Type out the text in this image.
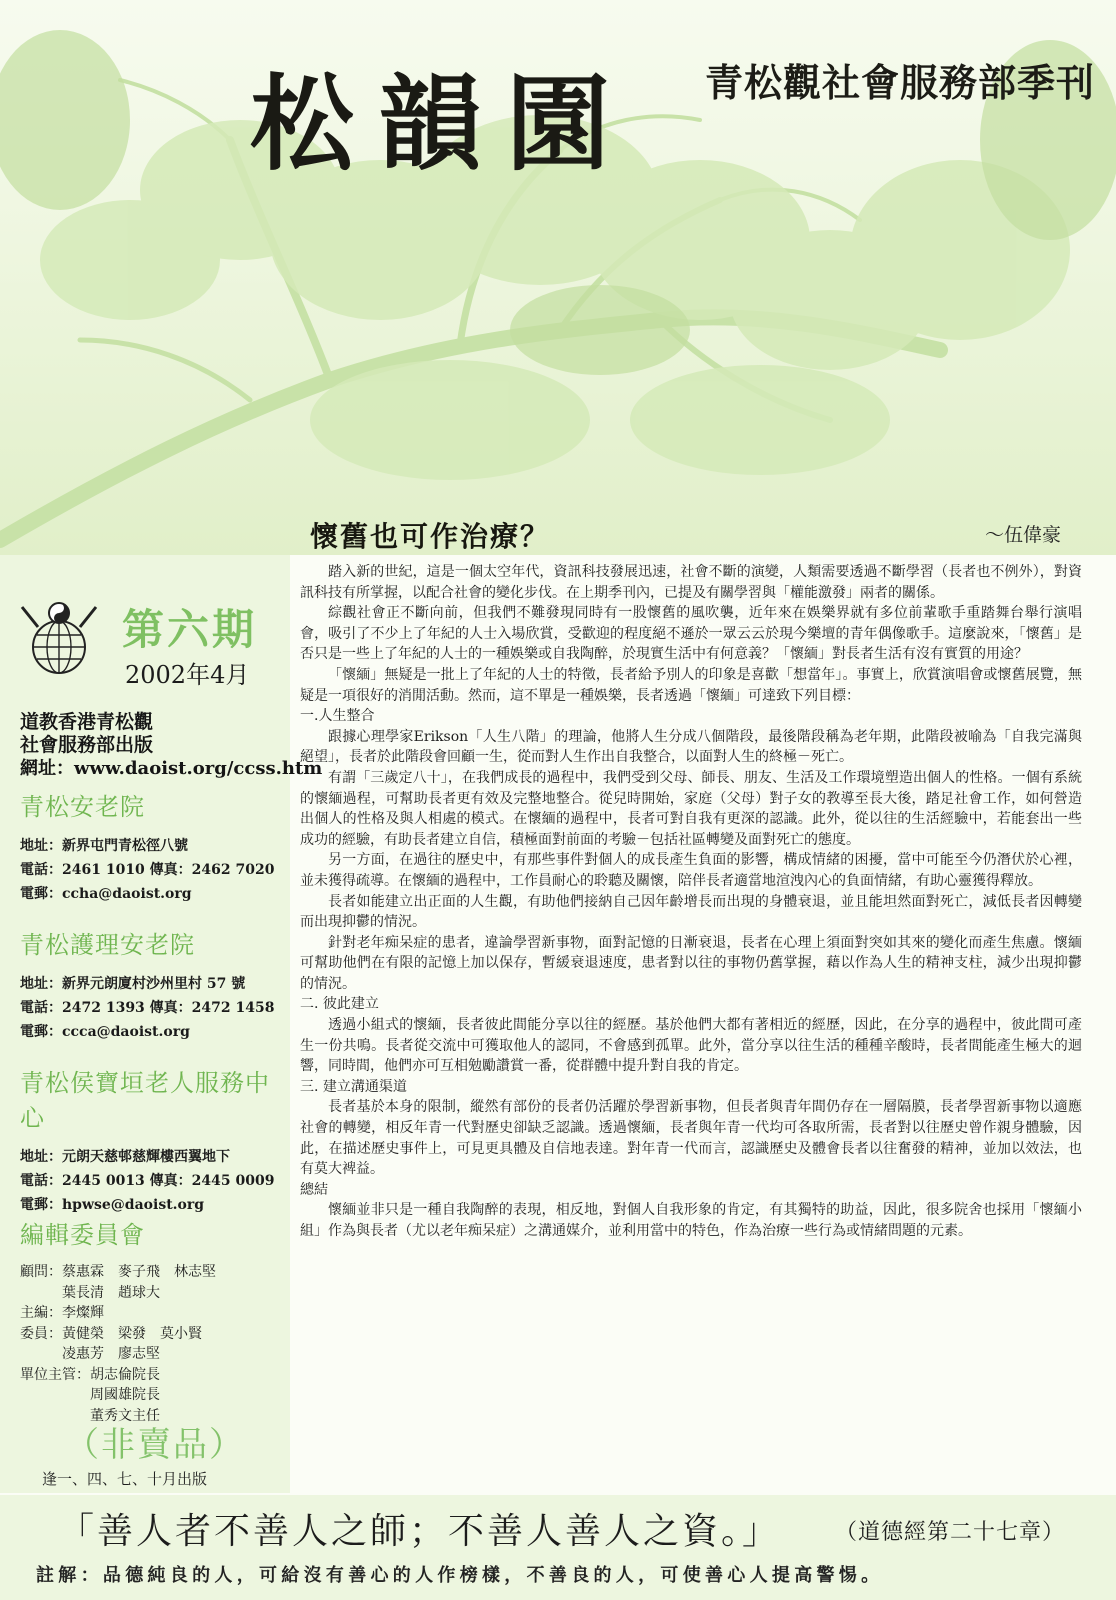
松韻園 青松觀社會服務部季刊
懷舊也可作治療？	～伍偉豪
第六期
2002年4月
道教香港青松觀
社會服務部出版
網址：www.daoist.org/ccss.htm
青松安老院
地址：新界屯門青松徑八號
電話：2461 1010 傳真：2462 7020
電郵：ccha@daoist.org
青松護理安老院
地址：新界元朗廈村沙州里村 57 號
電話：2472 1393 傳真：2472 1458
電郵：ccca@daoist.org
青松侯寶垣老人服務中心
地址：元朗天慈邨慈輝樓西翼地下
電話：2445 0013 傳真：2445 0009
電郵：hpwse@daoist.org
編輯委員會
顧問：蔡惠霖　麥子飛　林志堅
　　　葉長清　趙球大
主編：李燦輝
委員：黃健榮　梁發　莫小賢
　　　凌惠芳　廖志堅
單位主管：胡志倫院長
　　　　　周國雄院長
　　　　　董秀文主任
（非賣品）
逢一、四、七、十月出版

踏入新的世紀，這是一個太空年代，資訊科技發展迅速，社會不斷的演變，人類需要透過不斷學習（長者也不例外），對資訊科技有所掌握，以配合社會的變化步伐。在上期季刊內，已提及有關學習與「權能激發」兩者的關係。

綜觀社會正不斷向前，但我們不難發現同時有一股懷舊的風吹襲，近年來在娛樂界就有多位前輩歌手重踏舞台舉行演唱會，吸引了不少上了年紀的人士入場欣賞，受歡迎的程度絕不遜於一眾云云於現今樂壇的青年偶像歌手。這麼說來，「懷舊」是否只是一些上了年紀的人士的一種娛樂或自我陶醉，於現實生活中有何意義？「懷緬」對長者生活有沒有實質的用途？

「懷緬」無疑是一批上了年紀的人士的特徵，長者給予別人的印象是喜歡「想當年」。事實上，欣賞演唱會或懷舊展覽，無疑是一項很好的消閒活動。然而，這不單是一種娛樂，長者透過「懷緬」可達致下列目標：

一.人生整合

跟據心理學家Erikson「人生八階」的理論，他將人生分成八個階段，最後階段稱為老年期，此階段被喻為「自我完滿與絕望」，長者於此階段會回顧一生，從而對人生作出自我整合，以面對人生的終極－死亡。

有謂「三歲定八十」，在我們成長的過程中，我們受到父母、師長、朋友、生活及工作環境塑造出個人的性格。一個有系統的懷緬過程，可幫助長者更有效及完整地整合。從兒時開始，家庭（父母）對子女的教導至長大後，踏足社會工作，如何營造出個人的性格及與人相處的模式。在懷緬的過程中，長者可對自我有更深的認識。此外，從以往的生活經驗中，若能套出一些成功的經驗，有助長者建立自信，積極面對前面的考驗－包括社區轉變及面對死亡的態度。

另一方面，在過往的歷史中，有那些事件對個人的成長產生負面的影響，構成情緒的困擾，當中可能至今仍潛伏於心裡，並未獲得疏導。在懷緬的過程中，工作員耐心的聆聽及關懷，陪伴長者適當地渲洩內心的負面情緒，有助心靈獲得釋放。

長者如能建立出正面的人生觀，有助他們接納自己因年齡增長而出現的身體衰退，並且能坦然面對死亡，減低長者因轉變而出現抑鬱的情況。

針對老年痴呆症的患者，違論學習新事物，面對記憶的日漸衰退，長者在心理上須面對突如其來的變化而產生焦慮。懷緬可幫助他們在有限的記憶上加以保存，暫緩衰退速度，患者對以往的事物仍舊掌握，藉以作為人生的精神支柱，減少出現抑鬱的情況。

二. 彼此建立

透過小組式的懷緬，長者彼此間能分享以往的經歷。基於他們大都有著相近的經歷，因此，在分享的過程中，彼此間可產生一份共鳴。長者從交流中可獲取他人的認同，不會感到孤單。此外，當分享以往生活的種種辛酸時，長者間能產生極大的迴響，同時間，他們亦可互相勉勵讚賞一番，從群體中提升對自我的肯定。

三. 建立溝通渠道

長者基於本身的限制，縱然有部份的長者仍活躍於學習新事物，但長者與青年間仍存在一層隔膜，長者學習新事物以適應社會的轉變，相反年青一代對歷史卻缺乏認識。透過懷緬，長者與年青一代均可各取所需，長者對以往歷史曾作親身體驗，因此，在描述歷史事件上，可見更具體及自信地表達。對年青一代而言，認識歷史及體會長者以往奮發的精神，並加以效法，也有莫大裨益。

總結

懷緬並非只是一種自我陶醉的表現，相反地，對個人自我形象的肯定，有其獨特的助益，因此，很多院舍也採用「懷緬小組」作為與長者（尤以老年痴呆症）之溝通媒介，並利用當中的特色，作為治療一些行為或情緒問題的元素。

「善人者不善人之師；不善人善人之資。」 （道德經第二十七章）
註解：品德純良的人，可給沒有善心的人作榜樣，不善良的人，可使善心人提高警惕。
